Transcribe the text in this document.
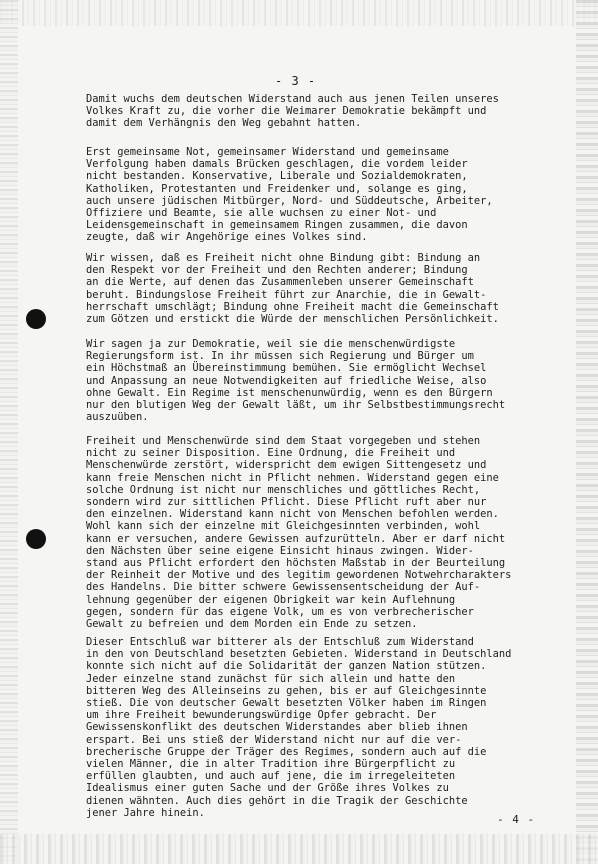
- 3 -
Damit wuchs dem deutschen Widerstand auch aus jenen Teilen unseres
Volkes Kraft zu, die vorher die Weimarer Demokratie bekämpft und
damit dem Verhängnis den Weg gebahnt hatten.
Erst gemeinsame Not, gemeinsamer Widerstand und gemeinsame
Verfolgung haben damals Brücken geschlagen, die vordem leider
nicht bestanden. Konservative, Liberale und Sozialdemokraten,
Katholiken, Protestanten und Freidenker und, solange es ging,
auch unsere jüdischen Mitbürger, Nord- und Süddeutsche, Arbeiter,
Offiziere und Beamte, sie alle wuchsen zu einer Not- und
Leidensgemeinschaft in gemeinsamem Ringen zusammen, die davon
zeugte, daß wir Angehörige eines Volkes sind.
Wir wissen, daß es Freiheit nicht ohne Bindung gibt: Bindung an
den Respekt vor der Freiheit und den Rechten anderer; Bindung
an die Werte, auf denen das Zusammenleben unserer Gemeinschaft
beruht. Bindungslose Freiheit führt zur Anarchie, die in Gewalt-
herrschaft umschlägt; Bindung ohne Freiheit macht die Gemeinschaft
zum Götzen und erstickt die Würde der menschlichen Persönlichkeit.
Wir sagen ja zur Demokratie, weil sie die menschenwürdigste
Regierungsform ist. In ihr müssen sich Regierung und Bürger um
ein Höchstmaß an Übereinstimmung bemühen. Sie ermöglicht Wechsel
und Anpassung an neue Notwendigkeiten auf friedliche Weise, also
ohne Gewalt. Ein Regime ist menschenunwürdig, wenn es den Bürgern
nur den blutigen Weg der Gewalt läßt, um ihr Selbstbestimmungsrecht
auszuüben.
Freiheit und Menschenwürde sind dem Staat vorgegeben und stehen
nicht zu seiner Disposition. Eine Ordnung, die Freiheit und
Menschenwürde zerstört, widerspricht dem ewigen Sittengesetz und
kann freie Menschen nicht in Pflicht nehmen. Widerstand gegen eine
solche Ordnung ist nicht nur menschliches und göttliches Recht,
sondern wird zur sittlichen Pflicht. Diese Pflicht ruft aber nur
den einzelnen. Widerstand kann nicht von Menschen befohlen werden.
Wohl kann sich der einzelne mit Gleichgesinnten verbinden, wohl
kann er versuchen, andere Gewissen aufzurütteln. Aber er darf nicht
den Nächsten über seine eigene Einsicht hinaus zwingen. Wider-
stand aus Pflicht erfordert den höchsten Maßstab in der Beurteilung
der Reinheit der Motive und des legitim gewordenen Notwehrcharakters
des Handelns. Die bitter schwere Gewissensentscheidung der Auf-
lehnung gegenüber der eigenen Obrigkeit war kein Auflehnung
gegen, sondern für das eigene Volk, um es von verbrecherischer
Gewalt zu befreien und dem Morden ein Ende zu setzen.
Dieser Entschluß war bitterer als der Entschluß zum Widerstand
in den von Deutschland besetzten Gebieten. Widerstand in Deutschland
konnte sich nicht auf die Solidarität der ganzen Nation stützen.
Jeder einzelne stand zunächst für sich allein und hatte den
bitteren Weg des Alleinseins zu gehen, bis er auf Gleichgesinnte
stieß. Die von deutscher Gewalt besetzten Völker haben im Ringen
um ihre Freiheit bewunderungswürdige Opfer gebracht. Der
Gewissenskonflikt des deutschen Widerstandes aber blieb ihnen
erspart. Bei uns stieß der Widerstand nicht nur auf die ver-
brecherische Gruppe der Träger des Regimes, sondern auch auf die
vielen Männer, die in alter Tradition ihre Bürgerpflicht zu
erfüllen glaubten, und auch auf jene, die im irregeleiteten
Idealismus einer guten Sache und der Größe ihres Volkes zu
dienen wähnten. Auch dies gehört in die Tragik der Geschichte
jener Jahre hinein.
- 4 -
